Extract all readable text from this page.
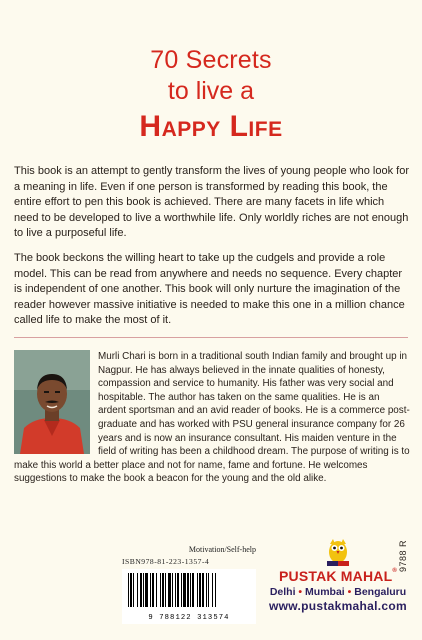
70 Secrets
to live a
Happy Life

This book is an attempt to gently transform the lives of young people who look for a meaning in life. Even if one person is transformed by reading this book, the entire effort to pen this book is achieved. There are many facets in life which need to be developed to live a worthwhile life. Only worldly riches are not enough to live a purposeful life.

The book beckons the willing heart to take up the cudgels and provide a role model. This can be read from anywhere and needs no sequence. Every chapter is independent of one another. This book will only nurture the imagination of the reader however massive initiative is needed to make this one in a million chance called life to make the most of it.

Murli Chari is born in a traditional south Indian family and brought up in Nagpur. He has always believed in the innate qualities of honesty, compassion and service to humanity. His father was very social and hospitable. The author has taken on the same qualities. He is an ardent sportsman and an avid reader of books. He is a commerce post-graduate and has worked with PSU general insurance company for 26 years and is now an insurance consultant. His maiden venture in the field of writing has been a childhood dream. The purpose of writing is to make this world a better place and not for name, fame and fortune. He welcomes suggestions to make the book a beacon for the young and the old alike.
9788 R
Motivation/Self-help
ISBN978-81-223-1357-4
9 788122 313574
PUSTAK MAHAL®
Delhi • Mumbai • Bengaluru
www.pustakmahal.com
